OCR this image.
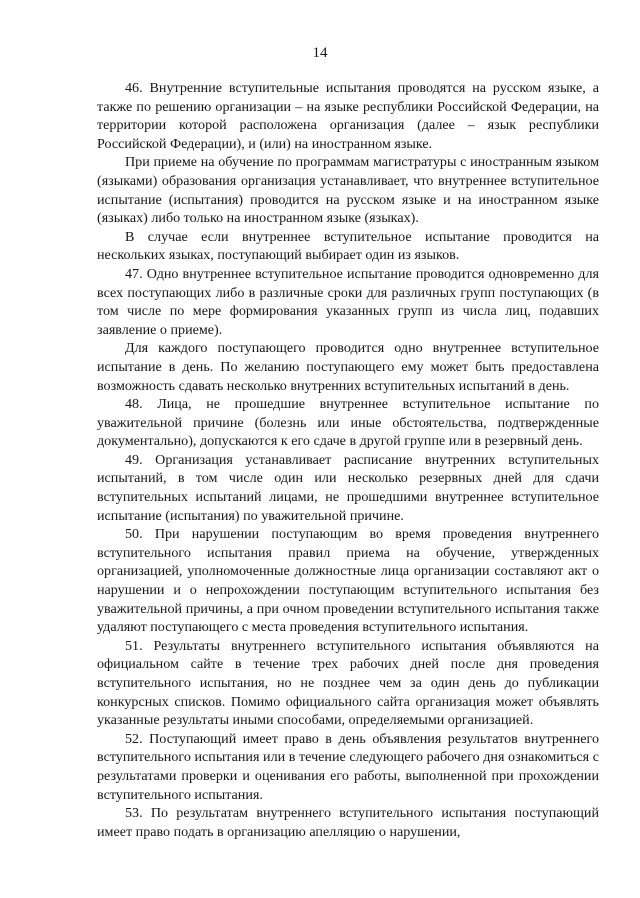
14

46. Внутренние вступительные испытания проводятся на русском языке, а также по решению организации – на языке республики Российской Федерации, на территории которой расположена организация (далее – язык республики Российской Федерации), и (или) на иностранном языке.

При приеме на обучение по программам магистратуры с иностранным языком (языками) образования организация устанавливает, что внутреннее вступительное испытание (испытания) проводится на русском языке и на иностранном языке (языках) либо только на иностранном языке (языках).

В случае если внутреннее вступительное испытание проводится на нескольких языках, поступающий выбирает один из языков.

47. Одно внутреннее вступительное испытание проводится одновременно для всех поступающих либо в различные сроки для различных групп поступающих (в том числе по мере формирования указанных групп из числа лиц, подавших заявление о приеме).

Для каждого поступающего проводится одно внутреннее вступительное испытание в день. По желанию поступающего ему может быть предоставлена возможность сдавать несколько внутренних вступительных испытаний в день.

48. Лица, не прошедшие внутреннее вступительное испытание по уважительной причине (болезнь или иные обстоятельства, подтвержденные документально), допускаются к его сдаче в другой группе или в резервный день.

49. Организация устанавливает расписание внутренних вступительных испытаний, в том числе один или несколько резервных дней для сдачи вступительных испытаний лицами, не прошедшими внутреннее вступительное испытание (испытания) по уважительной причине.

50. При нарушении поступающим во время проведения внутреннего вступительного испытания правил приема на обучение, утвержденных организацией, уполномоченные должностные лица организации составляют акт о нарушении и о непрохождении поступающим вступительного испытания без уважительной причины, а при очном проведении вступительного испытания также удаляют поступающего с места проведения вступительного испытания.

51. Результаты внутреннего вступительного испытания объявляются на официальном сайте в течение трех рабочих дней после дня проведения вступительного испытания, но не позднее чем за один день до публикации конкурсных списков. Помимо официального сайта организация может объявлять указанные результаты иными способами, определяемыми организацией.

52. Поступающий имеет право в день объявления результатов внутреннего вступительного испытания или в течение следующего рабочего дня ознакомиться с результатами проверки и оценивания его работы, выполненной при прохождении вступительного испытания.

53. По результатам внутреннего вступительного испытания поступающий имеет право подать в организацию апелляцию о нарушении,
